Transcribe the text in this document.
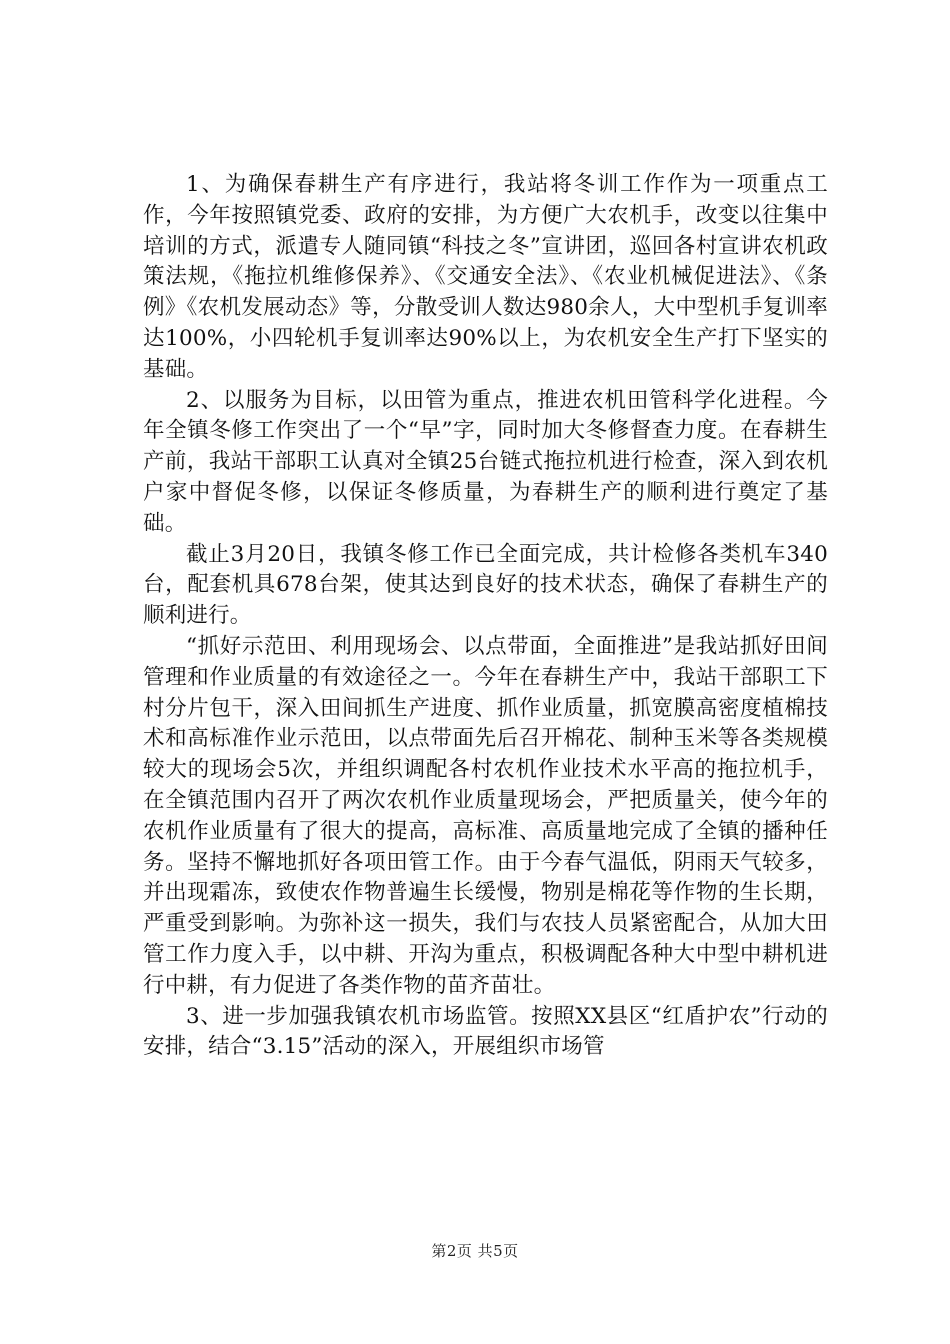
1、为确保春耕生产有序进行，我站将冬训工作作为一项重点工作，今年按照镇党委、政府的安排，为方便广大农机手，改变以往集中培训的方式，派遣专人随同镇“科技之冬”宣讲团，巡回各村宣讲农机政策法规，《拖拉机维修保养》、《交通安全法》、《农业机械促进法》、《条例》《农机发展动态》等，分散受训人数达980余人，大中型机手复训率达100%，小四轮机手复训率达90%以上，为农机安全生产打下坚实的基础。

2、以服务为目标，以田管为重点，推进农机田管科学化进程。今年全镇冬修工作突出了一个“早”字，同时加大冬修督查力度。在春耕生产前，我站干部职工认真对全镇25台链式拖拉机进行检查，深入到农机户家中督促冬修，以保证冬修质量，为春耕生产的顺利进行奠定了基础。

截止3月20日，我镇冬修工作已全面完成，共计检修各类机车340台，配套机具678台架，使其达到良好的技术状态，确保了春耕生产的顺利进行。

“抓好示范田、利用现场会、以点带面，全面推进”是我站抓好田间管理和作业质量的有效途径之一。今年在春耕生产中，我站干部职工下村分片包干，深入田间抓生产进度、抓作业质量，抓宽膜高密度植棉技术和高标准作业示范田，以点带面先后召开棉花、制种玉米等各类规模较大的现场会5次，并组织调配各村农机作业技术水平高的拖拉机手，在全镇范围内召开了两次农机作业质量现场会，严把质量关，使今年的农机作业质量有了很大的提高，高标准、高质量地完成了全镇的播种任务。坚持不懈地抓好各项田管工作。由于今春气温低，阴雨天气较多，并出现霜冻，致使农作物普遍生长缓慢，物别是棉花等作物的生长期，严重受到影响。为弥补这一损失，我们与农技人员紧密配合，从加大田管工作力度入手，以中耕、开沟为重点，积极调配各种大中型中耕机进行中耕，有力促进了各类作物的苗齐苗壮。

3、进一步加强我镇农机市场监管。按照XX县区“红盾护农”行动的安排，结合“3.15”活动的深入，开展组织市场管

第2页 共5页
